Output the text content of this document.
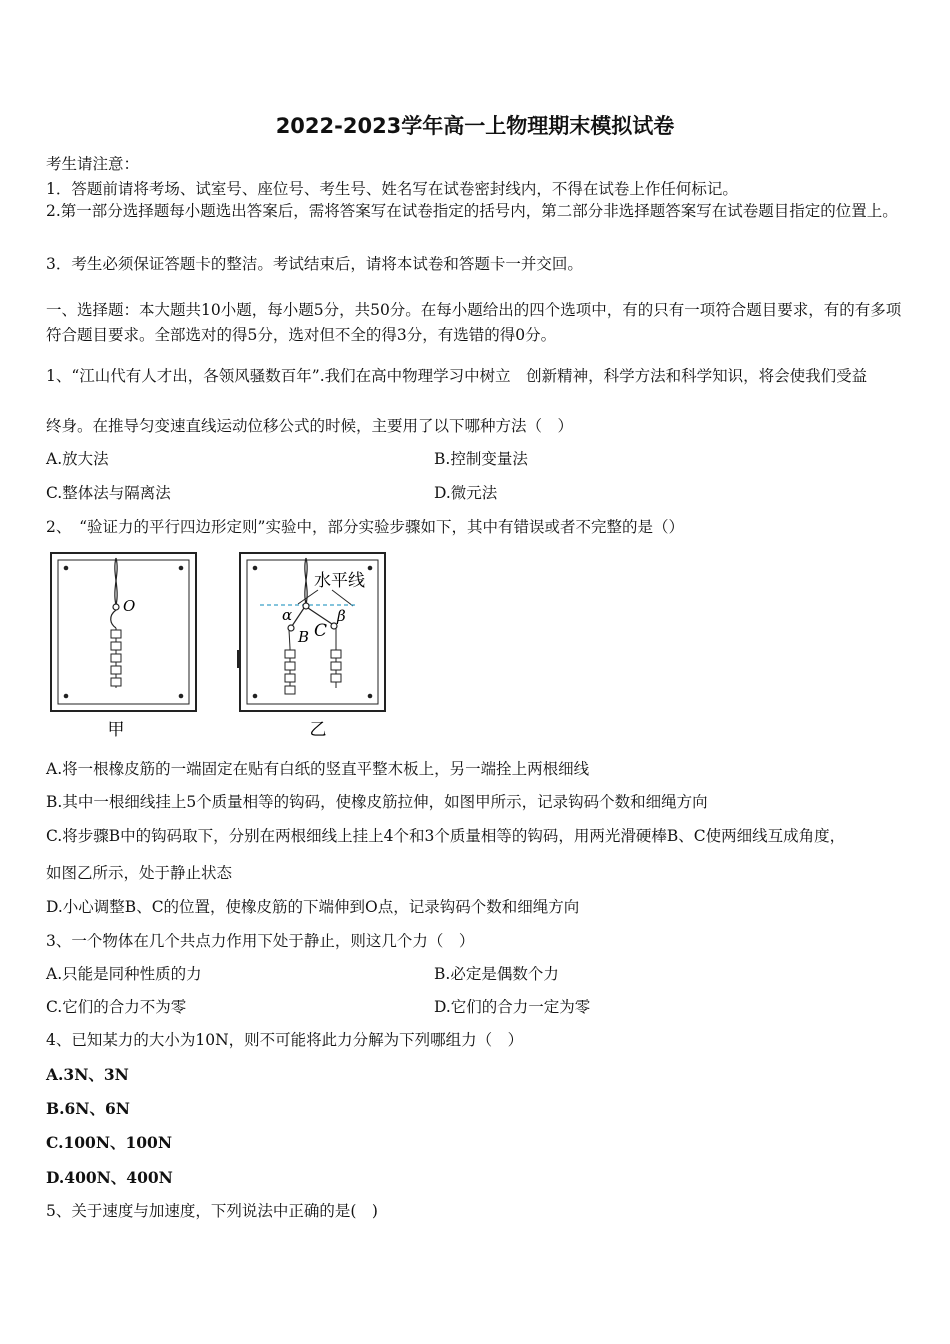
2022-2023学年高一上物理期末模拟试卷
考生请注意：
1．答题前请将考场、试室号、座位号、考生号、姓名写在试卷密封线内，不得在试卷上作任何标记。
2.第一部分选择题每小题选出答案后，需将答案写在试卷指定的括号内，第二部分非选择题答案写在试卷题目指定的位置上。
3．考生必须保证答题卡的整洁。考试结束后，请将本试卷和答题卡一并交回。
一、选择题：本大题共10小题，每小题5分，共50分。在每小题给出的四个选项中，有的只有一项符合题目要求，有的有多项符合题目要求。全部选对的得5分，选对但不全的得3分，有选错的得0分。
1、“江山代有人才出，各领风骚数百年”.我们在高中物理学习中树立　创新精神，科学方法和科学知识，将会使我们受益
终身。在推导匀变速直线运动位移公式的时候，主要用了以下哪种方法（　）
A.放大法	B.控制变量法
C.整体法与隔离法	D.微元法
2、　“验证力的平行四边形定则”实验中，部分实验步骤如下，其中有错误或者不完整的是（）
O
甲
水平线
α	β
B C
乙
A.将一根橡皮筋的一端固定在贴有白纸的竖直平整木板上，另一端拴上两根细线
B.其中一根细线挂上5个质量相等的钩码，使橡皮筋拉伸，如图甲所示，记录钩码个数和细绳方向
C.将步骤B中的钩码取下，分别在两根细线上挂上4个和3个质量相等的钩码，用两光滑硬棒B、C使两细线互成角度，
如图乙所示，处于静止状态
D.小心调整B、C的位置，使橡皮筋的下端伸到O点，记录钩码个数和细绳方向
3、一个物体在几个共点力作用下处于静止，则这几个力（　）
A.只能是同种性质的力	B.必定是偶数个力
C.它们的合力不为零	D.它们的合力一定为零
4、已知某力的大小为10N，则不可能将此力分解为下列哪组力（　）
A.3N、3N
B.6N、6N
C.100N、100N
D.400N、400N
5、关于速度与加速度，下列说法中正确的是(　)
